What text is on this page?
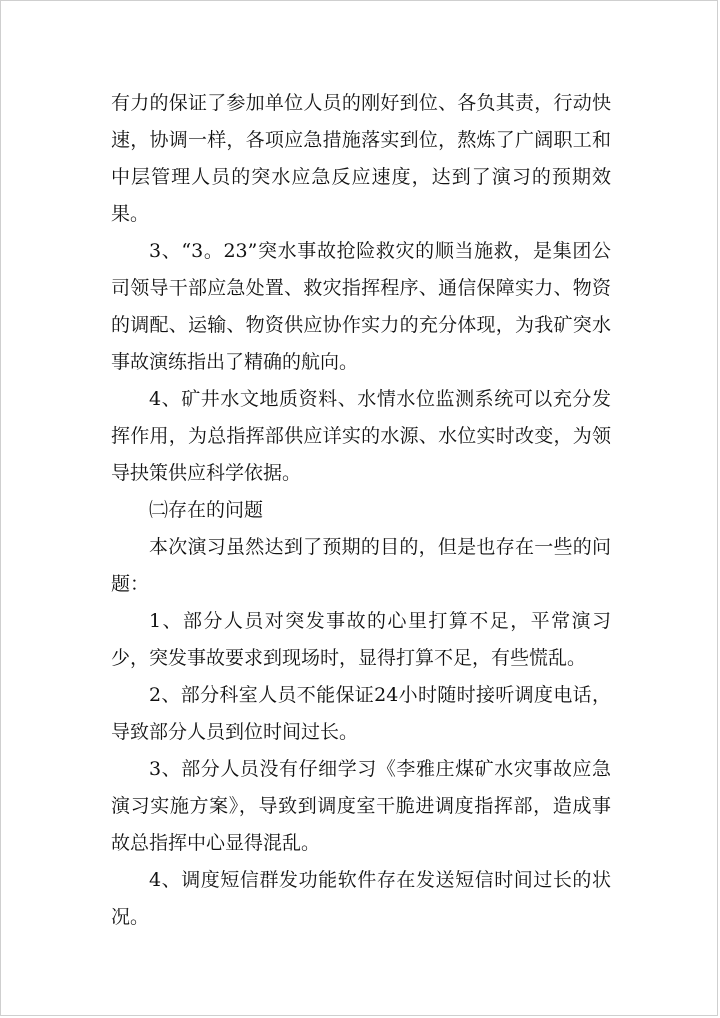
有力的保证了参加单位人员的刚好到位、各负其责，行动快速，协调一样，各项应急措施落实到位，熬炼了广阔职工和中层管理人员的突水应急反应速度，达到了演习的预期效果。

3、“3。23”突水事故抢险救灾的顺当施救，是集团公司领导干部应急处置、救灾指挥程序、通信保障实力、物资的调配、运输、物资供应协作实力的充分体现，为我矿突水事故演练指出了精确的航向。

4、矿井水文地质资料、水情水位监测系统可以充分发挥作用，为总指挥部供应详实的水源、水位实时改变，为领导抉策供应科学依据。

㈡存在的问题

本次演习虽然达到了预期的目的，但是也存在一些的问题：

1、部分人员对突发事故的心里打算不足，平常演习少，突发事故要求到现场时，显得打算不足，有些慌乱。

2、部分科室人员不能保证24小时随时接听调度电话，导致部分人员到位时间过长。

3、部分人员没有仔细学习《李雅庄煤矿水灾事故应急演习实施方案》，导致到调度室干脆进调度指挥部，造成事故总指挥中心显得混乱。

4、调度短信群发功能软件存在发送短信时间过长的状况。
